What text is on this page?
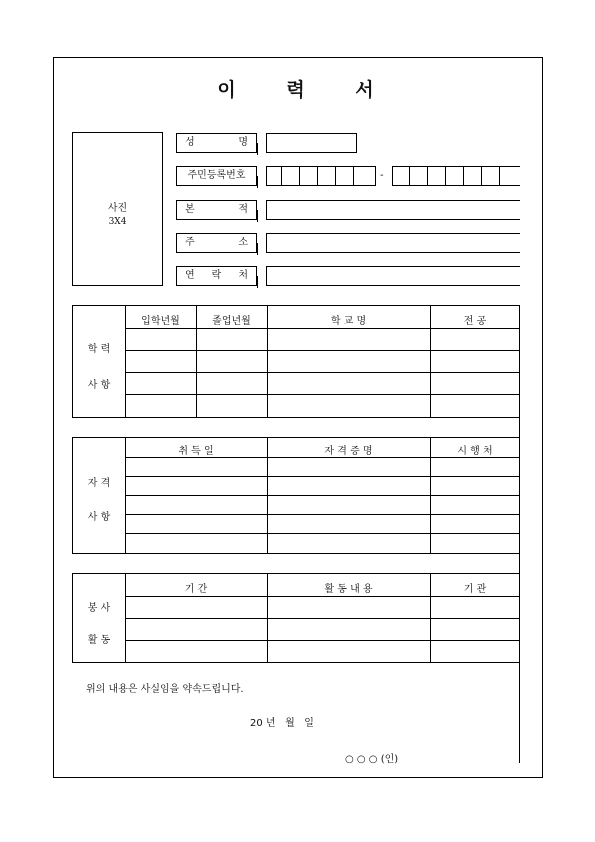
이 력 서
사진
3X4
성	명
주민등록번호
본	적
주	소
연 락 처
-
학 력
사 항
입학년월	졸업년월	학 교 명	전 공
자 격
사 항
취 득 일	자 격 증 명	시 행 처
봉 사
활 동
기 간	활 동 내 용	기 관
위의 내용은 사실임을 약속드립니다.
20 년   월   일
○ ○ ○ (인)
